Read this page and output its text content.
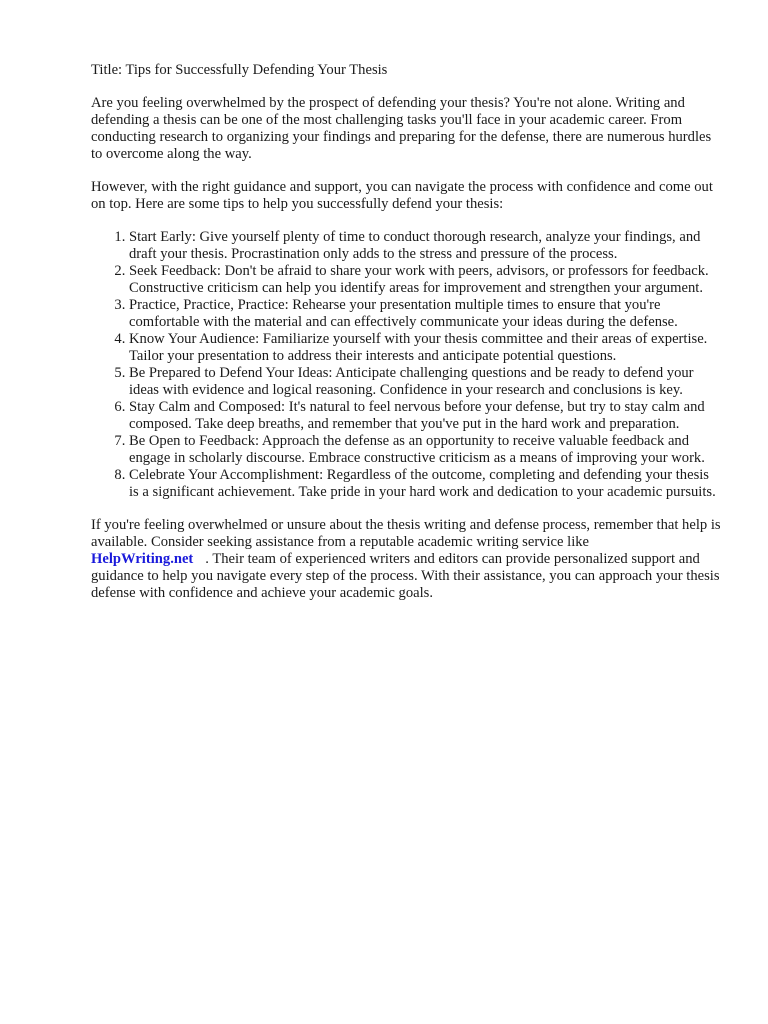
Title: Tips for Successfully Defending Your Thesis

Are you feeling overwhelmed by the prospect of defending your thesis? You're not alone. Writing and defending a thesis can be one of the most challenging tasks you'll face in your academic career. From conducting research to organizing your findings and preparing for the defense, there are numerous hurdles to overcome along the way.

However, with the right guidance and support, you can navigate the process with confidence and come out on top. Here are some tips to help you successfully defend your thesis:

1. Start Early: Give yourself plenty of time to conduct thorough research, analyze your findings, and draft your thesis. Procrastination only adds to the stress and pressure of the process.
2. Seek Feedback: Don't be afraid to share your work with peers, advisors, or professors for feedback. Constructive criticism can help you identify areas for improvement and strengthen your argument.
3. Practice, Practice, Practice: Rehearse your presentation multiple times to ensure that you're comfortable with the material and can effectively communicate your ideas during the defense.
4. Know Your Audience: Familiarize yourself with your thesis committee and their areas of expertise. Tailor your presentation to address their interests and anticipate potential questions.
5. Be Prepared to Defend Your Ideas: Anticipate challenging questions and be ready to defend your ideas with evidence and logical reasoning. Confidence in your research and conclusions is key.
6. Stay Calm and Composed: It's natural to feel nervous before your defense, but try to stay calm and composed. Take deep breaths, and remember that you've put in the hard work and preparation.
7. Be Open to Feedback: Approach the defense as an opportunity to receive valuable feedback and engage in scholarly discourse. Embrace constructive criticism as a means of improving your work.
8. Celebrate Your Accomplishment: Regardless of the outcome, completing and defending your thesis is a significant achievement. Take pride in your hard work and dedication to your academic pursuits.

If you're feeling overwhelmed or unsure about the thesis writing and defense process, remember that help is available. Consider seeking assistance from a reputable academic writing service like
HelpWriting.net . Their team of experienced writers and editors can provide personalized support and guidance to help you navigate every step of the process. With their assistance, you can approach your thesis defense with confidence and achieve your academic goals.
